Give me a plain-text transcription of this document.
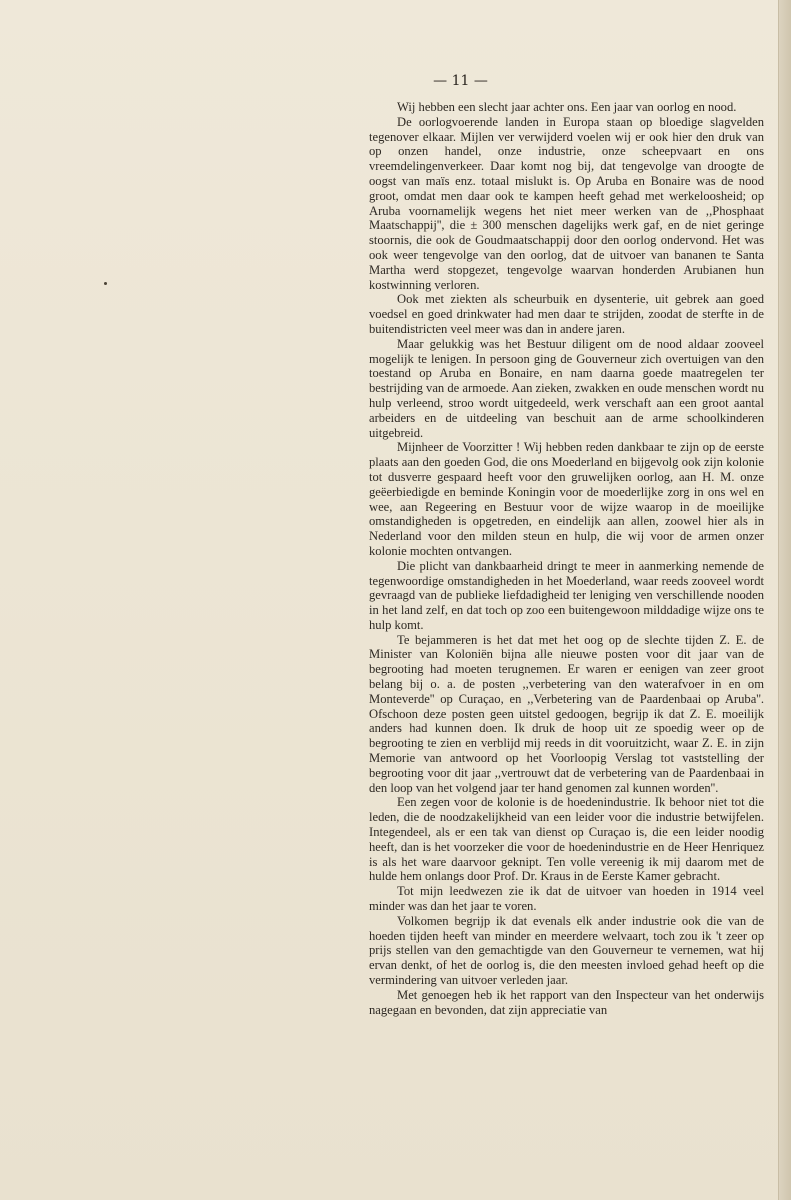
— 11 —

Wij hebben een slecht jaar achter ons. Een jaar van oorlog en nood.

De oorlogvoerende landen in Europa staan op bloedige slagvelden tegenover elkaar. Mijlen ver verwijderd voelen wij er ook hier den druk van op onzen handel, onze industrie, onze scheepvaart en ons vreemdelingenverkeer. Daar komt nog bij, dat tengevolge van droogte de oogst van maïs enz. totaal mislukt is. Op Aruba en Bonaire was de nood groot, omdat men daar ook te kampen heeft gehad met werkeloosheid; op Aruba voornamelijk wegens het niet meer werken van de ,,Phosphaat Maatschappij'', die ± 300 menschen dagelijks werk gaf, en de niet geringe stoornis, die ook de Goudmaatschappij door den oorlog ondervond. Het was ook weer tengevolge van den oorlog, dat de uitvoer van bananen te Santa Martha werd stopgezet, tengevolge waarvan honderden Arubianen hun kostwinning verloren.

Ook met ziekten als scheurbuik en dysenterie, uit gebrek aan goed voedsel en goed drinkwater had men daar te strijden, zoodat de sterfte in de buitendistricten veel meer was dan in andere jaren.

Maar gelukkig was het Bestuur diligent om de nood aldaar zooveel mogelijk te lenigen. In persoon ging de Gouverneur zich overtuigen van den toestand op Aruba en Bonaire, en nam daarna goede maatregelen ter bestrijding van de armoede. Aan zieken, zwakken en oude menschen wordt nu hulp verleend, stroo wordt uitgedeeld, werk verschaft aan een groot aantal arbeiders en de uitdeeling van beschuit aan de arme schoolkinderen uitgebreid.

Mijnheer de Voorzitter ! Wij hebben reden dankbaar te zijn op de eerste plaats aan den goeden God, die ons Moederland en bijgevolg ook zijn kolonie tot dusverre gespaard heeft voor den gruwelijken oorlog, aan H. M. onze geëerbiedigde en beminde Koningin voor de moederlijke zorg in ons wel en wee, aan Regeering en Bestuur voor de wijze waarop in de moeilijke omstandigheden is opgetreden, en eindelijk aan allen, zoowel hier als in Nederland voor den milden steun en hulp, die wij voor de armen onzer kolonie mochten ontvangen.

Die plicht van dankbaarheid dringt te meer in aanmerking nemende de tegenwoordige omstandigheden in het Moederland, waar reeds zooveel wordt gevraagd van de publieke liefdadigheid ter leniging ven verschillende nooden in het land zelf, en dat toch op zoo een buitengewoon milddadige wijze ons te hulp komt.

Te bejammeren is het dat met het oog op de slechte tijden Z. E. de Minister van Koloniën bijna alle nieuwe posten voor dit jaar van de begrooting had moeten terugnemen. Er waren er eenigen van zeer groot belang bij o. a. de posten ,,verbetering van den waterafvoer in en om Monteverde'' op Curaçao, en ,,Verbetering van de Paardenbaai op Aruba''. Ofschoon deze posten geen uitstel gedoogen, begrijp ik dat Z. E. moeilijk anders had kunnen doen. Ik druk de hoop uit ze spoedig weer op de begrooting te zien en verblijd mij reeds in dit vooruitzicht, waar Z. E. in zijn Memorie van antwoord op het Voorloopig Verslag tot vaststelling der begrooting voor dit jaar ,,vertrouwt dat de verbetering van de Paardenbaai in den loop van het volgend jaar ter hand genomen zal kunnen worden''.

Een zegen voor de kolonie is de hoedenindustrie. Ik behoor niet tot die leden, die de noodzakelijkheid van een leider voor die industrie betwijfelen. Integendeel, als er een tak van dienst op Curaçao is, die een leider noodig heeft, dan is het voorzeker die voor de hoedenindustrie en de Heer Henriquez is als het ware daarvoor geknipt. Ten volle vereenig ik mij daarom met de hulde hem onlangs door Prof. Dr. Kraus in de Eerste Kamer gebracht.

Tot mijn leedwezen zie ik dat de uitvoer van hoeden in 1914 veel minder was dan het jaar te voren.

Volkomen begrijp ik dat evenals elk ander industrie ook die van de hoeden tijden heeft van minder en meerdere welvaart, toch zou ik 't zeer op prijs stellen van den gemachtigde van den Gouverneur te vernemen, wat hij ervan denkt, of het de oorlog is, die den meesten invloed gehad heeft op die vermindering van uitvoer verleden jaar.

Met genoegen heb ik het rapport van den Inspecteur van het onderwijs nagegaan en bevonden, dat zijn appreciatie van
